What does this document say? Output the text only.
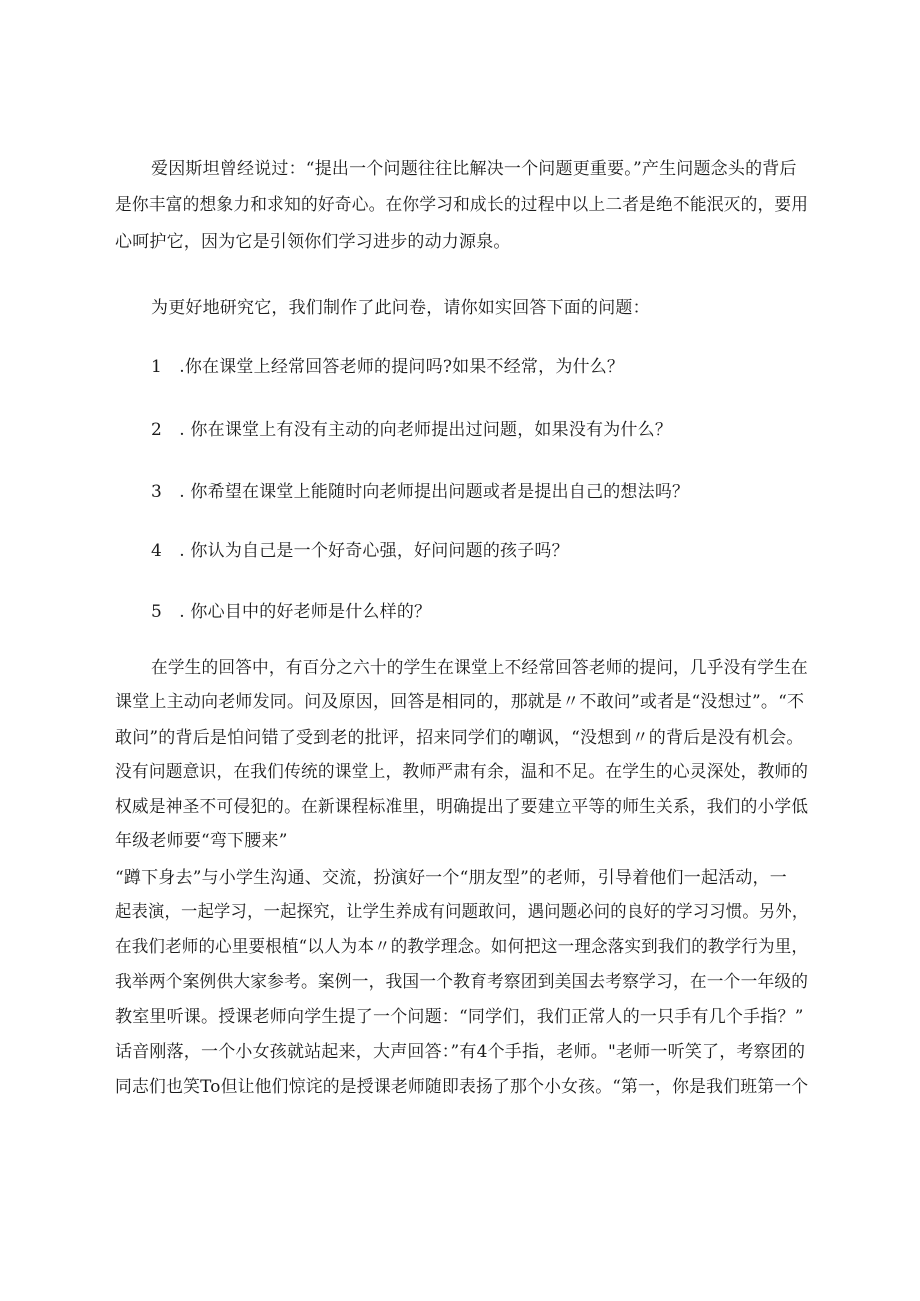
爱因斯坦曾经说过：“提出一个问题往往比解决一个问题更重要。”产生问题念头的背后
是你丰富的想象力和求知的好奇心。在你学习和成长的过程中以上二者是绝不能泯灭的，要用
心呵护它，因为它是引领你们学习进步的动力源泉。
为更好地研究它，我们制作了此问卷，请你如实回答下面的问题：
1　.你在课堂上经常回答老师的提问吗?如果不经常，为什么？
2　. 你在课堂上有没有主动的向老师提出过问题，如果没有为什么？
3　. 你希望在课堂上能随时向老师提出问题或者是提出自己的想法吗？
4　. 你认为自己是一个好奇心强，好问问题的孩子吗？
5　. 你心目中的好老师是什么样的？
在学生的回答中，有百分之六十的学生在课堂上不经常回答老师的提问，几乎没有学生在
课堂上主动向老师发同。问及原因，回答是相同的，那就是〃不敢问”或者是“没想过”。“不
敢问”的背后是怕问错了受到老的批评，招来同学们的嘲讽，“没想到〃的背后是没有机会。
没有问题意识，在我们传统的课堂上，教师严肃有余，温和不足。在学生的心灵深处，教师的
权威是神圣不可侵犯的。在新课程标准里，明确提出了要建立平等的师生关系，我们的小学低
年级老师要“弯下腰来”
“蹲下身去”与小学生沟通、交流，扮演好一个“朋友型”的老师，引导着他们一起活动，一
起表演，一起学习，一起探究，让学生养成有问题敢问，遇问题必问的良好的学习习惯。另外，
在我们老师的心里要根植“以人为本〃的教学理念。如何把这一理念落实到我们的教学行为里，
我举两个案例供大家参考。案例一，我国一个教育考察团到美国去考察学习，在一个一年级的
教室里听课。授课老师向学生提了一个问题：“同学们，我们正常人的一只手有几个手指？”
话音刚落，一个小女孩就站起来，大声回答：”有4个手指，老师。"老师一听笑了，考察团的
同志们也笑To但让他们惊诧的是授课老师随即表扬了那个小女孩。“第一，你是我们班第一个
